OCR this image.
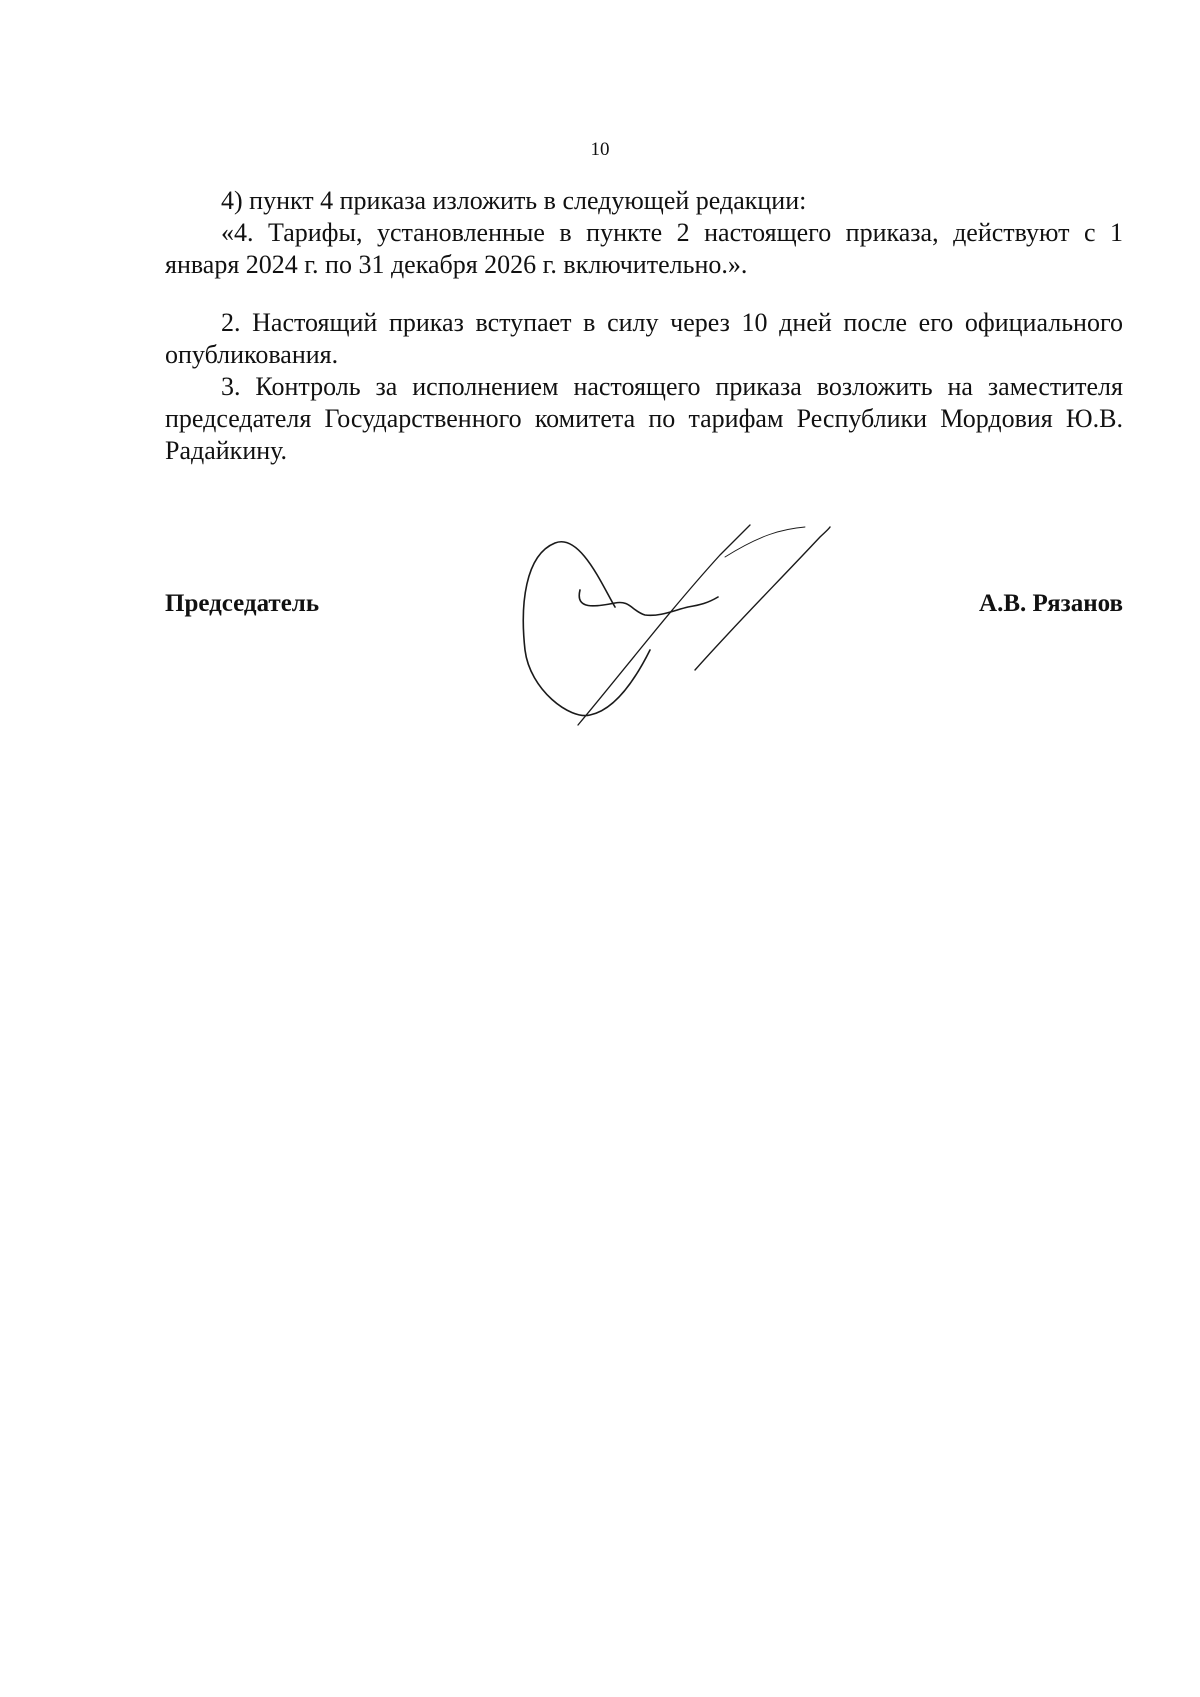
10

4) пункт 4 приказа изложить в следующей редакции:

«4. Тарифы, установленные в пункте 2 настоящего приказа, действуют с 1 января 2024 г. по 31 декабря 2026 г. включительно.».

2. Настоящий приказ вступает в силу через 10 дней после его официального опубликования.

3. Контроль за исполнением настоящего приказа возложить на заместителя председателя Государственного комитета по тарифам Республики Мордовия Ю.В. Радайкину.

Председатель	А.В. Рязанов
